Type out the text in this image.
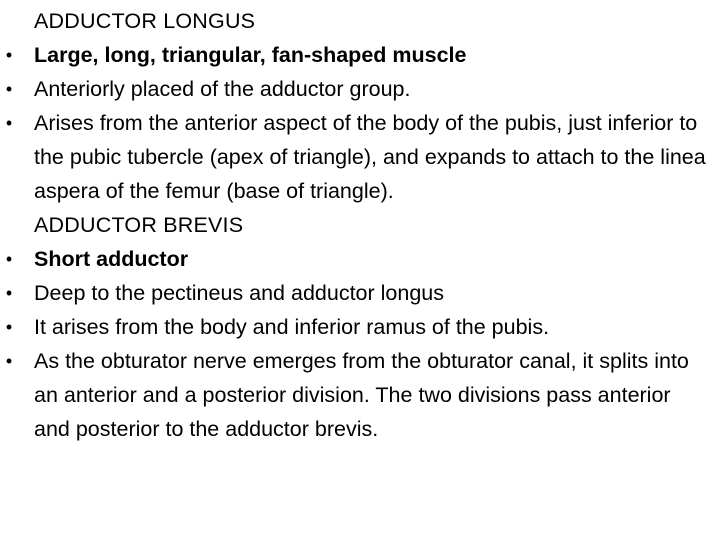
ADDUCTOR LONGUS
• Large, long, triangular, fan-shaped muscle
• Anteriorly placed of the adductor group.
• Arises from the anterior aspect of the body of the pubis, just inferior to the pubic tubercle (apex of triangle), and expands to attach to the linea aspera of the femur (base of triangle).
ADDUCTOR BREVIS
• Short adductor
• Deep to the pectineus and adductor longus
• It arises from the body and inferior ramus of the pubis.
• As the obturator nerve emerges from the obturator canal, it splits into an anterior and a posterior division. The two divisions pass anterior and posterior to the adductor brevis.
